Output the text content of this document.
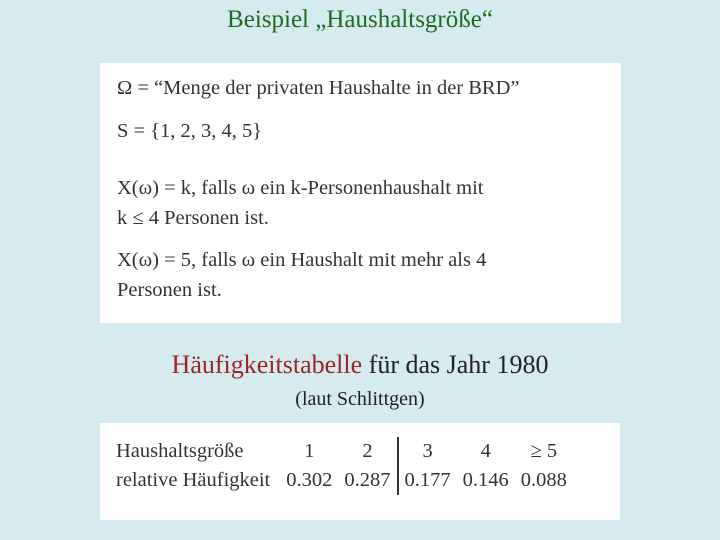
Beispiel „Haushaltsgröße“
Ω = “Menge der privaten Haushalte in der BRD”
S = {1, 2, 3, 4, 5}
X(ω) = k, falls ω ein k-Personenhaushalt mit
k ≤ 4 Personen ist.
X(ω) = 5, falls ω ein Haushalt mit mehr als 4
Personen ist.
Häufigkeitstabelle für das Jahr 1980
(laut Schlittgen)
Haushaltsgröße	1	2	3	4	≥ 5
relative Häufigkeit	0.302	0.287	0.177	0.146	0.088
